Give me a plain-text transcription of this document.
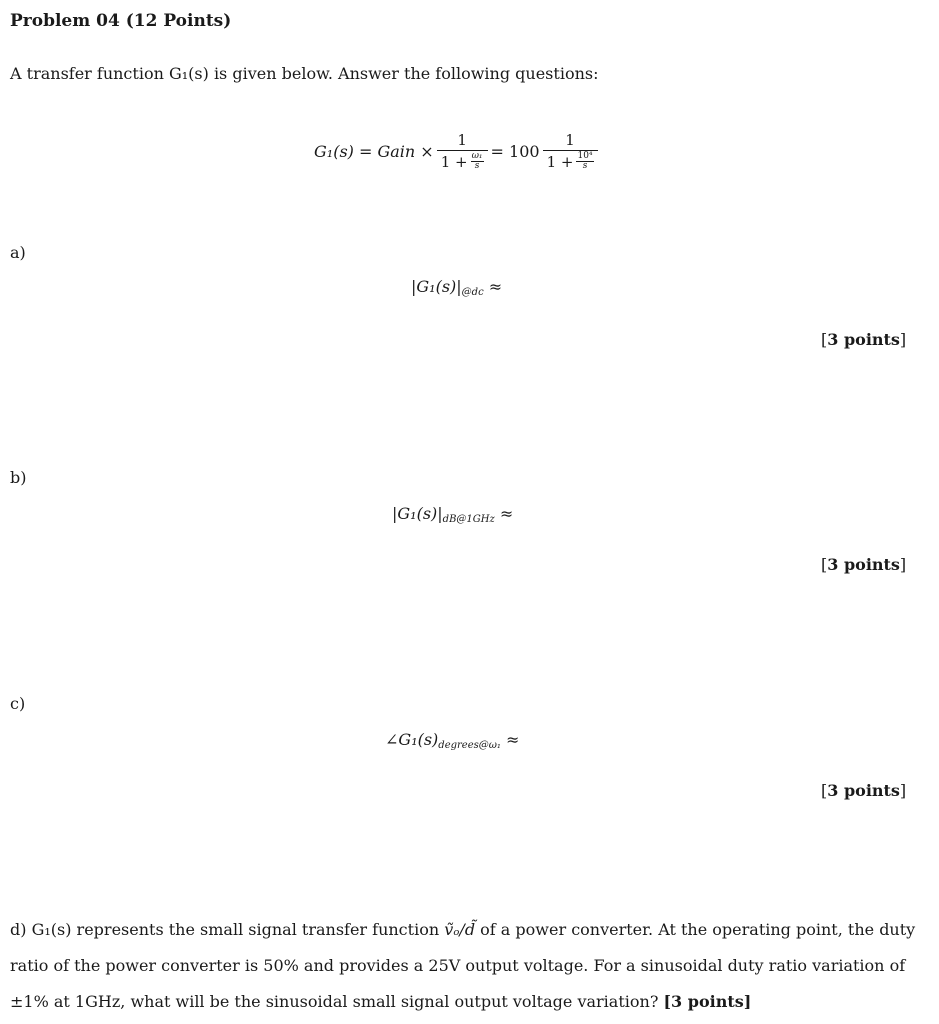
Problem 04 (12 Points)
A transfer function G₁(s) is given below. Answer the following questions:
G₁(s) = Gain × $\frac{1}{1 + \frac{\text{ω₁}}{s}} = 100 \frac{1}{1 + \frac{\text{10⁴}}{s}}$
a)
|G₁(s)|@dc ≈
[3 points]
b)
|G₁(s)|dB@1GHz ≈
[3 points]
c)
∠G₁(s)degrees@ω₁ ≈
[3 points]
d) G₁(s) represents the small signal transfer function ṽₒ/d̃ of a power converter. At the operating point, the duty ratio of the power converter is 50% and provides a 25V output voltage. For a sinusoidal duty ratio variation of ±1% at 1GHz, what will be the sinusoidal small signal output voltage variation? [3 points]
